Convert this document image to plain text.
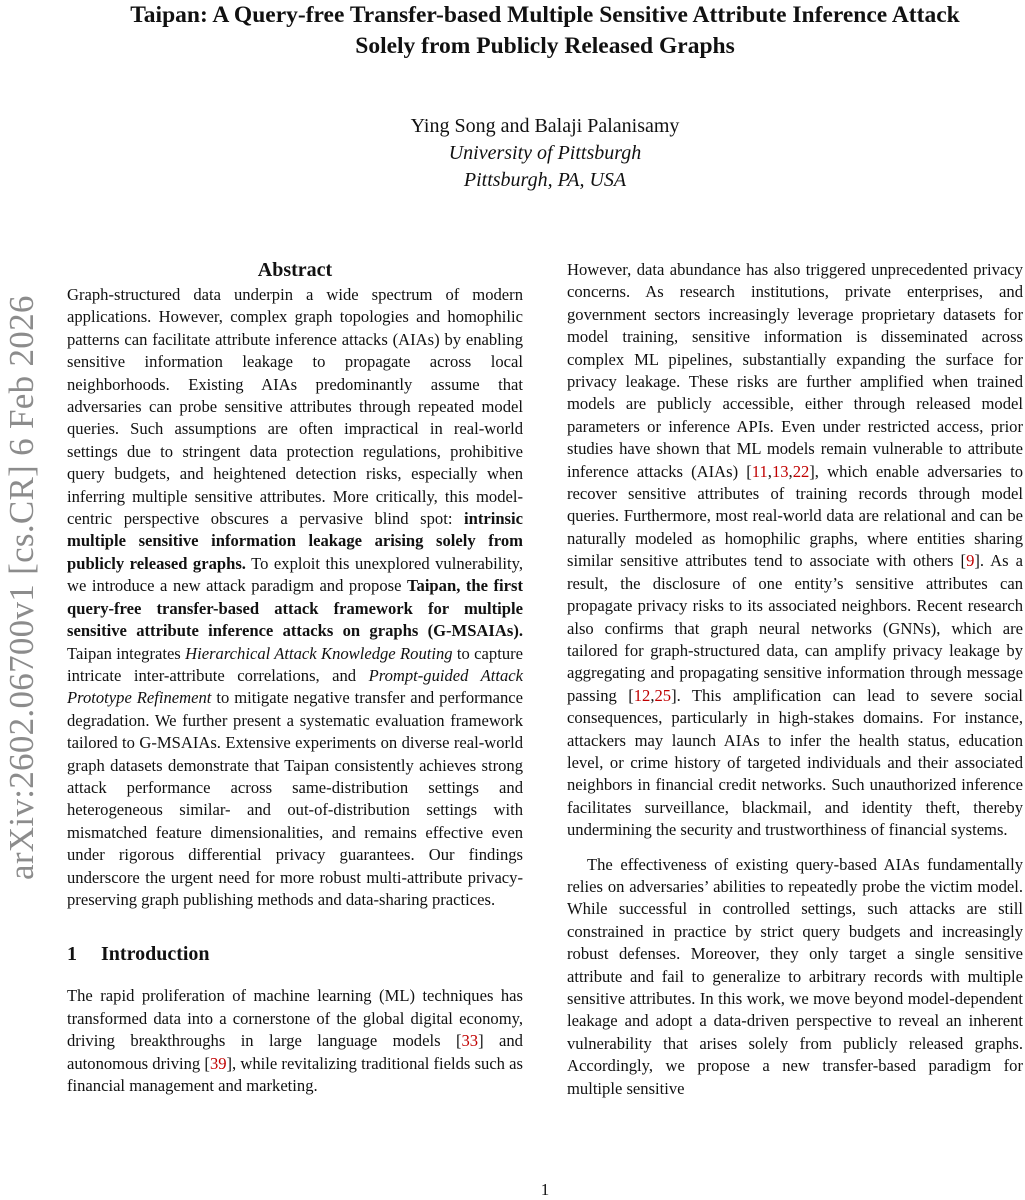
Taipan: A Query-free Transfer-based Multiple Sensitive Attribute Inference Attack
Solely from Publicly Released Graphs
Ying Song and Balaji Palanisamy
University of Pittsburgh
Pittsburgh, PA, USA
arXiv:2602.06700v1 [cs.CR] 6 Feb 2026
Abstract

Graph-structured data underpin a wide spectrum of modern applications. However, complex graph topologies and homophilic patterns can facilitate attribute inference attacks (AIAs) by enabling sensitive information leakage to propagate across local neighborhoods. Existing AIAs predominantly assume that adversaries can probe sensitive attributes through repeated model queries. Such assumptions are often impractical in real-world settings due to stringent data protection regulations, prohibitive query budgets, and heightened detection risks, especially when inferring multiple sensitive attributes. More critically, this model-centric perspective obscures a pervasive blind spot: intrinsic multiple sensitive information leakage arising solely from publicly released graphs. To exploit this unexplored vulnerability, we introduce a new attack paradigm and propose Taipan, the first query-free transfer-based attack framework for multiple sensitive attribute inference attacks on graphs (G-MSAIAs). Taipan integrates Hierarchical Attack Knowledge Routing to capture intricate inter-attribute correlations, and Prompt-guided Attack Prototype Refinement to mitigate negative transfer and performance degradation. We further present a systematic evaluation framework tailored to G-MSAIAs. Extensive experiments on diverse real-world graph datasets demonstrate that Taipan consistently achieves strong attack performance across same-distribution settings and heterogeneous similar- and out-of-distribution settings with mismatched feature dimensionalities, and remains effective even under rigorous differential privacy guarantees. Our findings underscore the urgent need for more robust multi-attribute privacy-preserving graph publishing methods and data-sharing practices.

1 Introduction

The rapid proliferation of machine learning (ML) techniques has transformed data into a cornerstone of the global digital economy, driving breakthroughs in large language models [33] and autonomous driving [39], while revitalizing traditional fields such as financial management and marketing.

However, data abundance has also triggered unprecedented privacy concerns. As research institutions, private enterprises, and government sectors increasingly leverage proprietary datasets for model training, sensitive information is disseminated across complex ML pipelines, substantially expanding the surface for privacy leakage. These risks are further amplified when trained models are publicly accessible, either through released model parameters or inference APIs. Even under restricted access, prior studies have shown that ML models remain vulnerable to attribute inference attacks (AIAs) [11,13,22], which enable adversaries to recover sensitive attributes of training records through model queries. Furthermore, most real-world data are relational and can be naturally modeled as homophilic graphs, where entities sharing similar sensitive attributes tend to associate with others [9]. As a result, the disclosure of one entity’s sensitive attributes can propagate privacy risks to its associated neighbors. Recent research also confirms that graph neural networks (GNNs), which are tailored for graph-structured data, can amplify privacy leakage by aggregating and propagating sensitive information through message passing [12,25]. This amplification can lead to severe social consequences, particularly in high-stakes domains. For instance, attackers may launch AIAs to infer the health status, education level, or crime history of targeted individuals and their associated neighbors in financial credit networks. Such unauthorized inference facilitates surveillance, blackmail, and identity theft, thereby undermining the security and trustworthiness of financial systems.

The effectiveness of existing query-based AIAs fundamentally relies on adversaries’ abilities to repeatedly probe the victim model. While successful in controlled settings, such attacks are still constrained in practice by strict query budgets and increasingly robust defenses. Moreover, they only target a single sensitive attribute and fail to generalize to arbitrary records with multiple sensitive attributes. In this work, we move beyond model-dependent leakage and adopt a data-driven perspective to reveal an inherent vulnerability that arises solely from publicly released graphs. Accordingly, we propose a new transfer-based paradigm for multiple sensitive

1
